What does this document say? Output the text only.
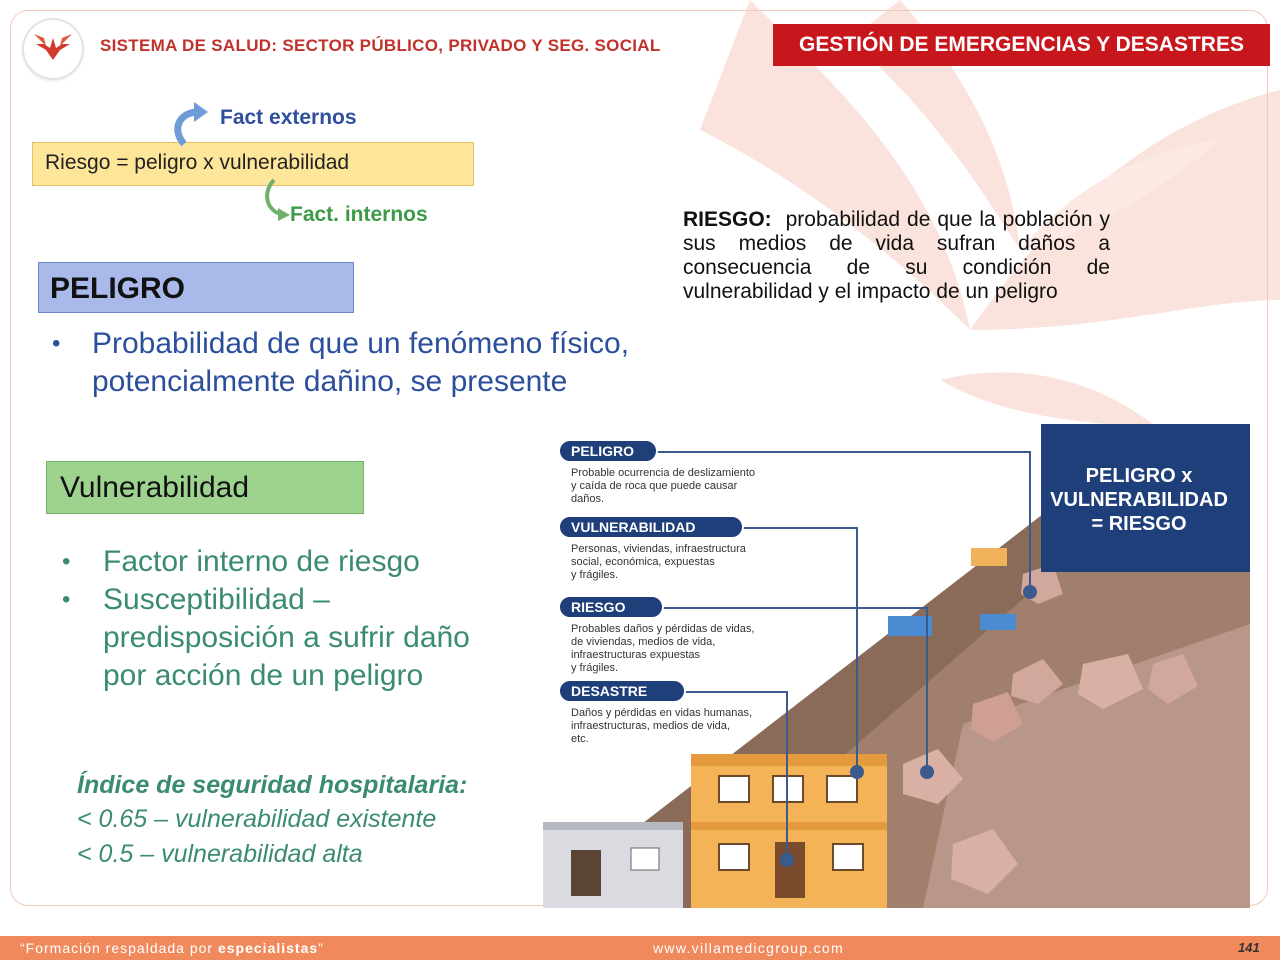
SISTEMA DE SALUD: SECTOR PÚBLICO, PRIVADO Y SEG. SOCIAL	GESTIÓN DE EMERGENCIAS Y DESASTRES
Fact externos
Riesgo = peligro x vulnerabilidad
Fact. internos	RIESGO: probabilidad de que la población y sus medios de vida sufran daños a consecuencia de su condición de vulnerabilidad y el impacto de un peligro
PELIGRO
• Probabilidad de que un fenómeno físico, potencialmente dañino, se presente
Vulnerabilidad
• Factor interno de riesgo
• Susceptibilidad – predisposición a sufrir daño por acción de un peligro
Índice de seguridad hospitalaria:
< 0.65 – vulnerabilidad existente
< 0.5 – vulnerabilidad alta
PELIGRO x
VULNERABILIDAD
= RIESGO
PELIGRO
Probable ocurrencia de deslizamiento
y caída de roca que puede causar
daños.
VULNERABILIDAD
Personas, viviendas, infraestructura
social, económica, expuestas
y frágiles.
RIESGO
Probables daños y pérdidas de vidas,
de viviendas, medios de vida,
infraestructuras expuestas
y frágiles.
DESASTRE
Daños y pérdidas en vidas humanas,
infraestructuras, medios de vida,
etc.
“Formación respaldada por especialistas”	www.villamedicgroup.com	141
